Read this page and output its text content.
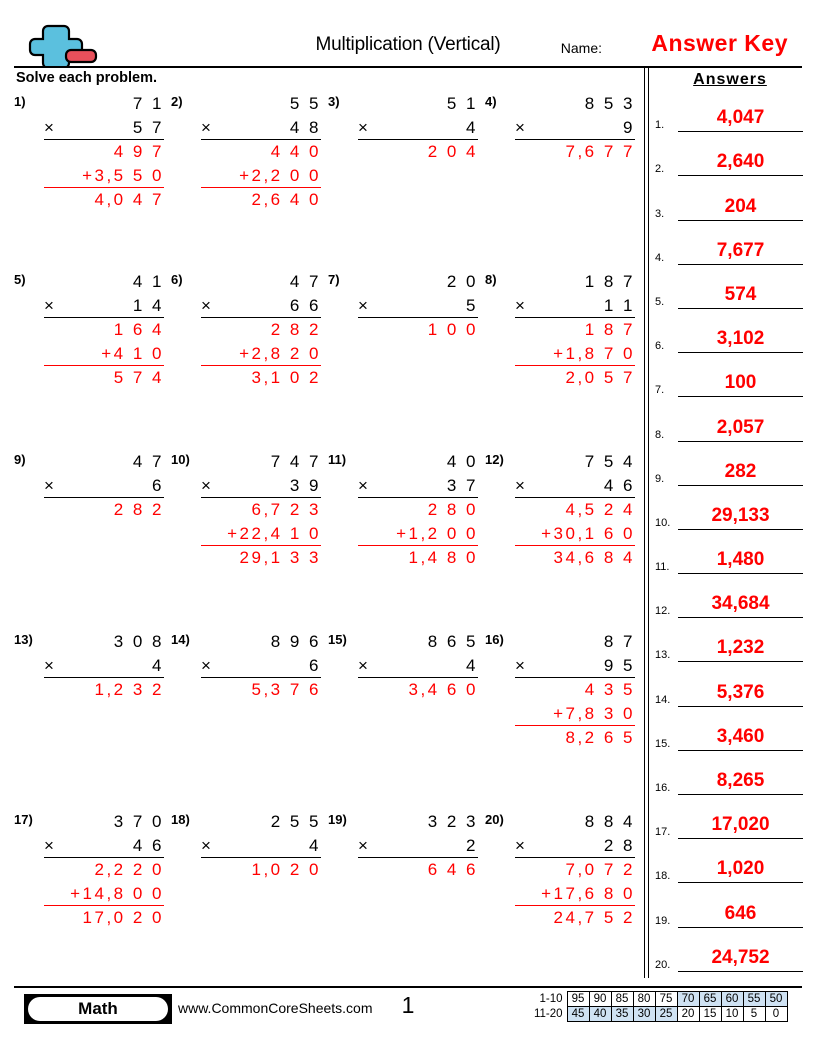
Multiplication (Vertical)	Name: Answer Key
Solve each problem.
1)	7 1
×	5 7
4 9 7
+3,5 5 0
4,0 4 7
2)	5 5
×	4 8
4 4 0
+2,2 0 0
2,6 4 0
3)	5 1
×	4
2 0 4
4)	8 5 3
×	9
7,6 7 7
5)	4 1
×	1 4
1 6 4
+4 1 0
5 7 4
6)	4 7
×	6 6
2 8 2
+2,8 2 0
3,1 0 2
7)	2 0
×	5
1 0 0
8)	1 8 7
×	1 1
1 8 7
+1,8 7 0
2,0 5 7
9)	4 7
×	6
2 8 2
10)	7 4 7
×	3 9
6,7 2 3
+22,4 1 0
29,1 3 3
11)	4 0
×	3 7
2 8 0
+1,2 0 0
1,4 8 0
12)	7 5 4
×	4 6
4,5 2 4
+30,1 6 0
34,6 8 4
13)	3 0 8
×	4
1,2 3 2
14)	8 9 6
×	6
5,3 7 6
15)	8 6 5
×	4
3,4 6 0
16)	8 7
×	9 5
4 3 5
+7,8 3 0
8,2 6 5
17)	3 7 0
×	4 6
2,2 2 0
+14,8 0 0
17,0 2 0
18)	2 5 5
×	4
1,0 2 0
19)	3 2 3
×	2
6 4 6
20)	8 8 4
×	2 8
7,0 7 2
+17,6 8 0
24,7 5 2
Answers
1.	4,047
2.	2,640
3.	204
4.	7,677
5.	574
6.	3,102
7.	100
8.	2,057
9.	282
10.	29,133
11.	1,480
12.	34,684
13.	1,232
14.	5,376
15.	3,460
16.	8,265
17.	17,020
18.	1,020
19.	646
20.	24,752
Math	www.CommonCoreSheets.com	1	1-10	95	90	85	80	75	70	65	60	55	50
11-20	45	40	35	30	25	20	15	10	5	0
